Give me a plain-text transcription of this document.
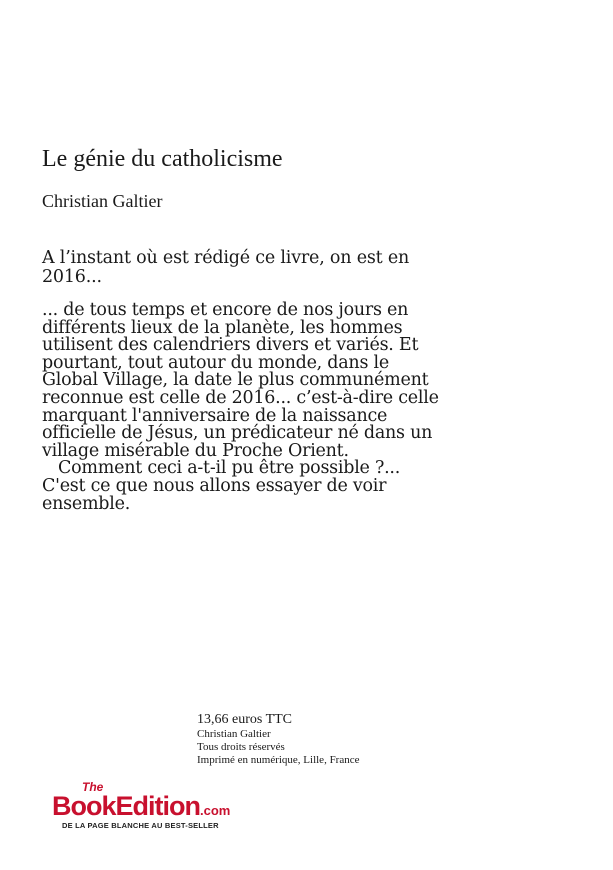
Le génie du catholicisme
Christian Galtier

A l’instant où est rédigé ce livre, on est en
2016...

... de tous temps et encore de nos jours en
différents lieux de la planète, les hommes
utilisent des calendriers divers et variés. Et
pourtant, tout autour du monde, dans le
Global Village, la date le plus communément
reconnue est celle de 2016... c’est-à-dire celle
marquant l'anniversaire de la naissance
officielle de Jésus, un prédicateur né dans un
village misérable du Proche Orient.
Comment ceci a-t-il pu être possible ?...
C'est ce que nous allons essayer de voir
ensemble.

13,66 euros TTC
Christian Galtier
Tous droits réservés
Imprimé en numérique, Lille, France
The
BookEdition.com
DE LA PAGE BLANCHE AU BEST-SELLER
